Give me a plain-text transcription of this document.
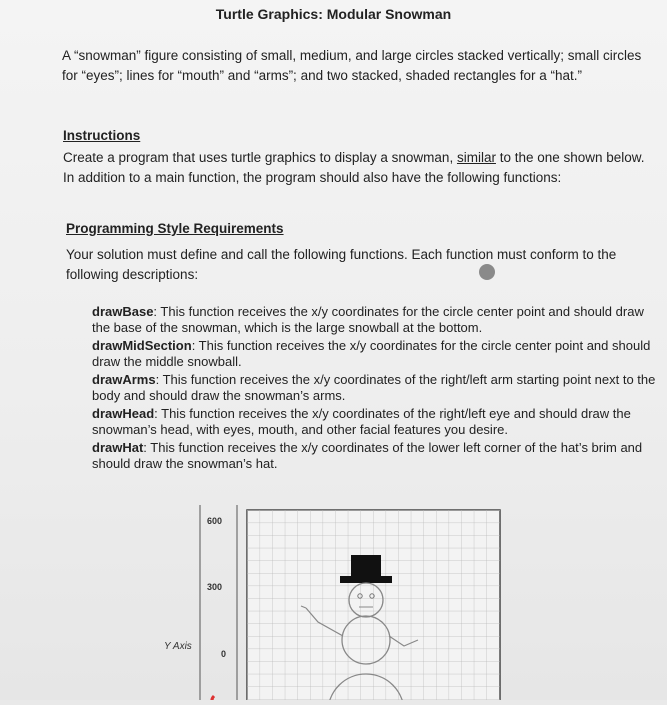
Turtle Graphics: Modular Snowman
A “snowman” figure consisting of small, medium, and large circles stacked vertically; small circles for “eyes”; lines for “mouth” and “arms”; and two stacked, shaded rectangles for a “hat.”
Instructions
Create a program that uses turtle graphics to display a snowman, similar to the one shown below. In addition to a main function, the program should also have the following functions:
Programming Style Requirements
Your solution must define and call the following functions. Each function must conform to the following descriptions:
drawBase: This function receives the x/y coordinates for the circle center point and should draw the base of the snowman, which is the large snowball at the bottom.
drawMidSection: This function receives the x/y coordinates for the circle center point and should draw the middle snowball.
drawArms: This function receives the x/y coordinates of the right/left arm starting point next to the body and should draw the snowman’s arms.
drawHead: This function receives the x/y coordinates of the right/left eye and should draw the snowman’s head, with eyes, mouth, and other facial features you desire.
drawHat: This function receives the x/y coordinates of the lower left corner of the hat’s brim and should draw the snowman’s hat.
600
300
0
Y Axis
